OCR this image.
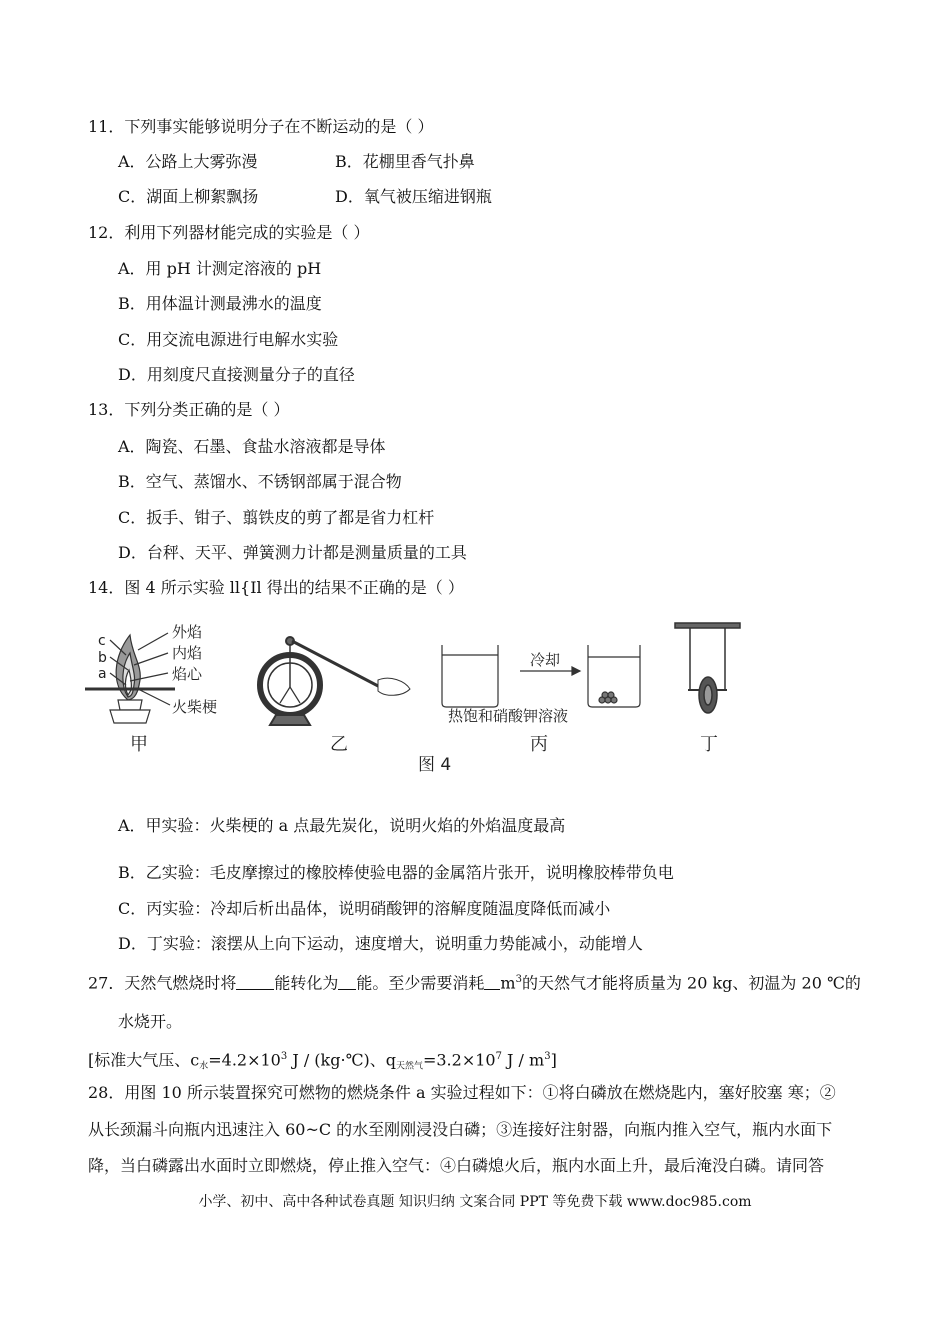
11．下列事实能够说明分子在不断运动的是（ ）
A．公路上大雾弥漫	B．花棚里香气扑鼻
C．湖面上柳絮飘扬	D．氧气被压缩进钢瓶
12．利用下列器材能完成的实验是（ ）
A．用 pH 计测定溶液的 pH
B．用体温计测最沸水的温度
C．用交流电源进行电解水实验
D．用刻度尺直接测量分子的直径
13．下列分类正确的是（ ）
A．陶瓷、石墨、食盐水溶液都是导体
B．空气、蒸馏水、不锈钢部属于混合物
C．扳手、钳子、翦铁皮的剪了都是省力杠杆
D．台秤、天平、弹簧测力计都是测量质量的工具
14．图 4 所示实验 ll{Il 得出的结果不正确的是（ ）
c
b
a
外焰
内焰
焰心
火柴梗
甲	乙
冷却
热饱和硝酸钾溶液
丙	丁
图 4
A．甲实验：火柴梗的 a 点最先炭化，说明火焰的外焰温度最高
B．乙实验：毛皮摩擦过的橡胶棒使验电器的金属箔片张开，说明橡胶棒带负电
C．丙实验：冷却后析出晶体，说明硝酸钾的溶解度随温度降低而减小
D．丁实验：滚摆从上向下运动，速度增大，说明重力势能减小，动能增人
27．天然气燃烧时将 能转化为 能。至少需要消耗 $m^3$的天然气才能将质量为 20 kg、初温为 20 ℃的
水烧开。
[标准大气压、c水$=4.2\times 10^3$ J / (kg·℃)、q天然气$=3.2\times 10^7$ J / $m^3$]
28．用图 10 所示装置探究可燃物的燃烧条件 a 实验过程如下：①将白磷放在燃烧匙内，塞好胶塞 寒；②
从长颈漏斗向瓶内迅速注入 60~C 的水至刚刚浸没白磷；③连接好注射器，向瓶内推入空气，瓶内水面下
降，当白磷露出水面时立即燃烧，停止推入空气：④白磷熄火后，瓶内水面上升，最后淹没白磷。请同答
小学、初中、高中各种试卷真题 知识归纳 文案合同 PPT 等免费下载 www.doc985.com
